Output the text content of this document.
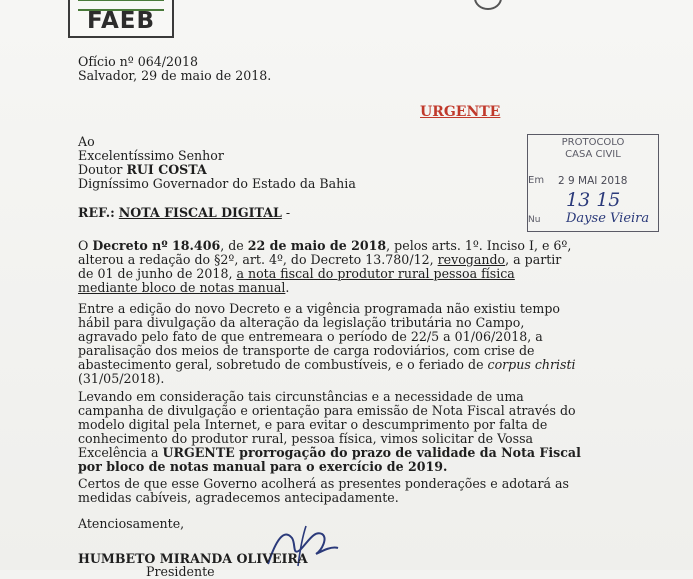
FAEB
Ofício nº 064/2018
Salvador, 29 de maio de 2018.
URGENTE
Ao
Excelentíssimo Senhor
Doutor RUI COSTA
Digníssimo Governador do Estado da Bahia
PROTOCOLO
CASA CIVIL
Em 2 9 MAI 2018
Nu
13 15
Dayse Vieira
REF.: NOTA FISCAL DIGITAL -
O Decreto nº 18.406, de 22 de maio de 2018, pelos arts. 1º. Inciso I, e 6º,
alterou a redação do §2º, art. 4º, do Decreto 13.780/12, revogando, a partir
de 01 de junho de 2018, a nota fiscal do produtor rural pessoa física
mediante bloco de notas manual.
Entre a edição do novo Decreto e a vigência programada não existiu tempo
hábil para divulgação da alteração da legislação tributária no Campo,
agravado pelo fato de que entremeara o período de 22/5 a 01/06/2018, a
paralisação dos meios de transporte de carga rodoviários, com crise de
abastecimento geral, sobretudo de combustíveis, e o feriado de corpus christi
(31/05/2018).
Levando em consideração tais circunstâncias e a necessidade de uma
campanha de divulgação e orientação para emissão de Nota Fiscal através do
modelo digital pela Internet, e para evitar o descumprimento por falta de
conhecimento do produtor rural, pessoa física, vimos solicitar de Vossa
Excelência a URGENTE prorrogação do prazo de validade da Nota Fiscal
por bloco de notas manual para o exercício de 2019.
Certos de que esse Governo acolherá as presentes ponderações e adotará as
medidas cabíveis, agradecemos antecipadamente.
Atenciosamente,
HUMBETO MIRANDA OLIVEIRA
Presidente
